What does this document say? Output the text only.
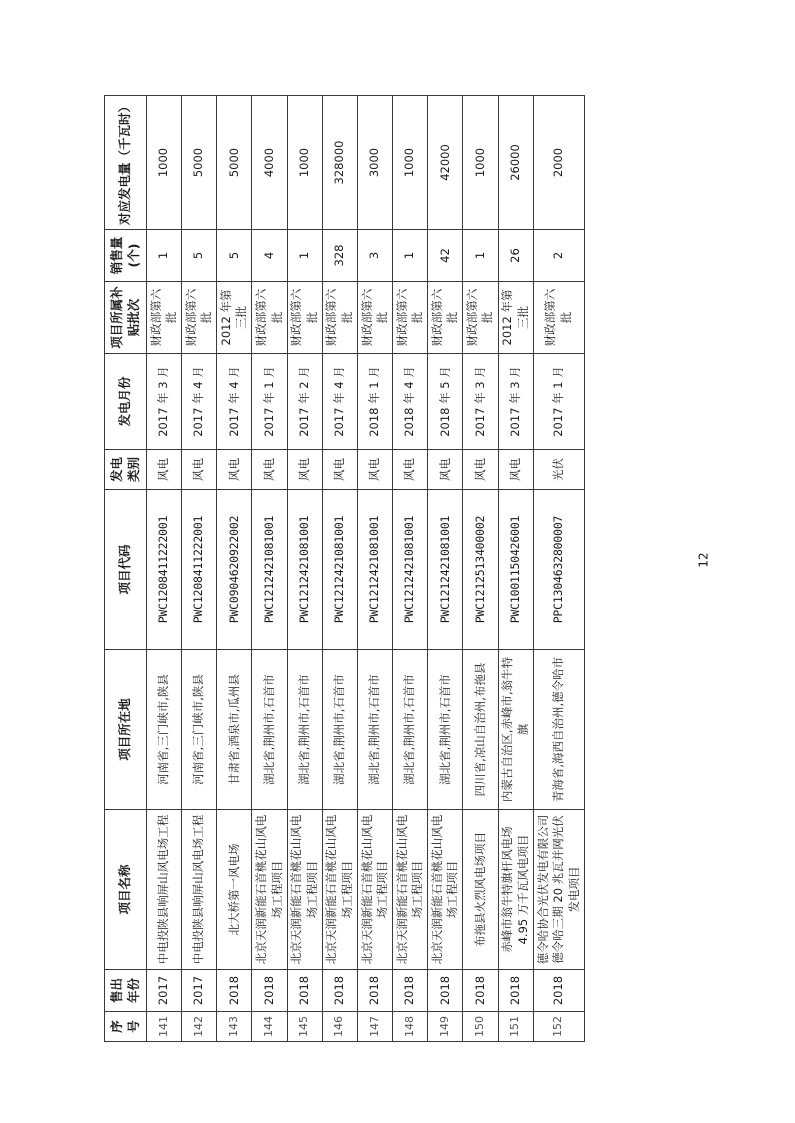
序号	售出年份	项目名称	项目所在地	项目代码	发电类别	发电月份	项目所属补贴批次	销售量(个)	对应发电量（千瓦时）
141	2017	中电投陕县响屏山风电场工程	河南省,三门峡市,陕县	PWC1208411222001	风电	2017 年 3 月	财政部第六批	1	1000
142	2017	中电投陕县响屏山风电场工程	河南省,三门峡市,陕县	PWC1208411222001	风电	2017 年 4 月	财政部第六批	5	5000
143	2018	北大桥第一风电场	甘肃省,酒泉市,瓜州县	PWC0904620922002	风电	2017 年 4 月	2012 年第三批	5	5000
144	2018	北京天润新能石首桃花山风电场工程项目	湖北省,荆州市,石首市	PWC1212421081001	风电	2017 年 1 月	财政部第六批	4	4000
145	2018	北京天润新能石首桃花山风电场工程项目	湖北省,荆州市,石首市	PWC1212421081001	风电	2017 年 2 月	财政部第六批	1	1000
146	2018	北京天润新能石首桃花山风电场工程项目	湖北省,荆州市,石首市	PWC1212421081001	风电	2017 年 4 月	财政部第六批	328	328000
147	2018	北京天润新能石首桃花山风电场工程项目	湖北省,荆州市,石首市	PWC1212421081001	风电	2018 年 1 月	财政部第六批	3	3000
148	2018	北京天润新能石首桃花山风电场工程项目	湖北省,荆州市,石首市	PWC1212421081001	风电	2018 年 4 月	财政部第六批	1	1000
149	2018	北京天润新能石首桃花山风电场工程项目	湖北省,荆州市,石首市	PWC1212421081001	风电	2018 年 5 月	财政部第六批	42	42000
150	2018	布拖县火烈风电场项目	四川省,凉山自治州,布拖县	PWC1212513400002	风电	2017 年 3 月	财政部第六批	1	1000
151	2018	赤峰市翁牛特旗杆风电场 4.95 万千瓦风电项目	内蒙古自治区,赤峰市,翁牛特旗	PWC1001150426001	风电	2017 年 3 月	2012 年第三批	26	26000
152	2018	德令哈协合光伏发电有限公司德令哈三期 20 兆瓦并网光伏发电项目	青海省,海西自治州,德令哈市	PPC1304632800007	光伏	2017 年 1 月	财政部第六批	2	2000
12
